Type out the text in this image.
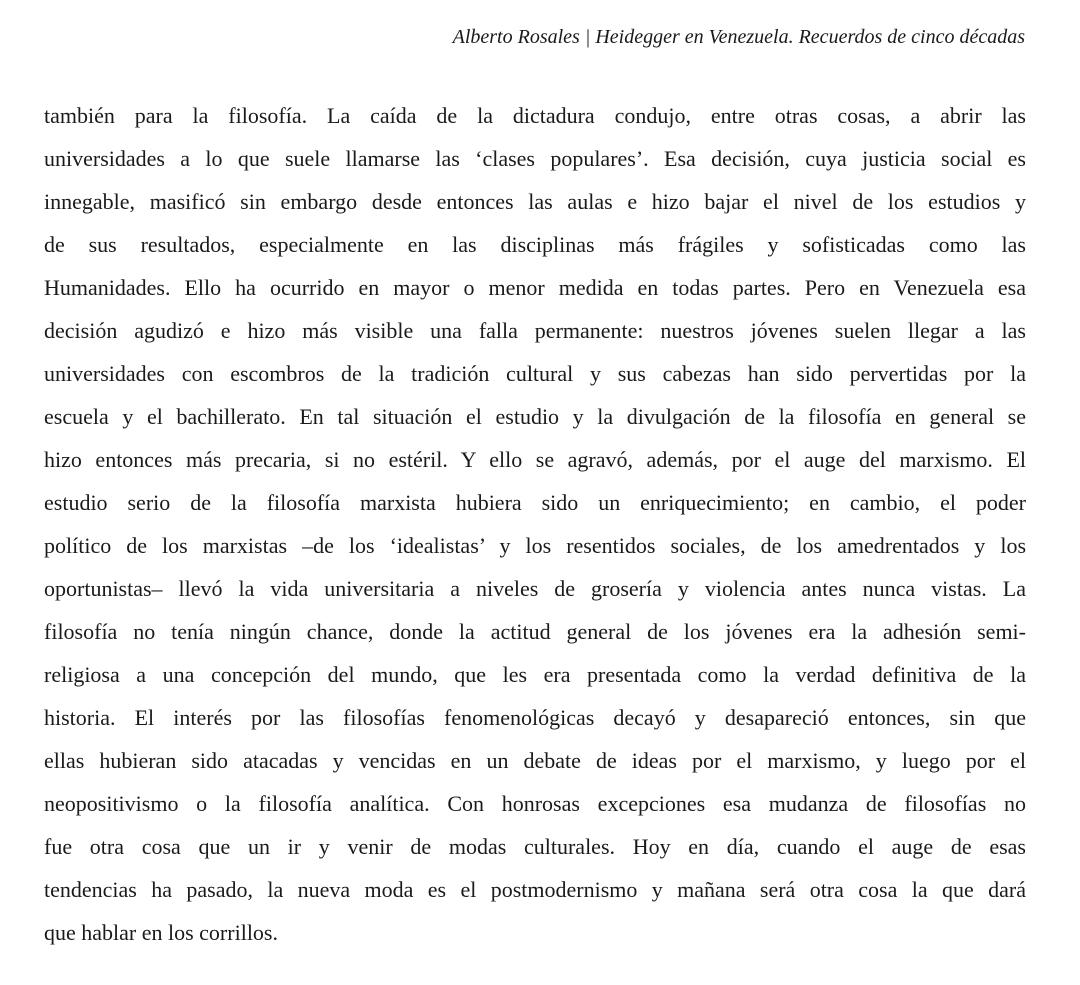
Alberto Rosales | Heidegger en Venezuela. Recuerdos de cinco décadas
también para la filosofía. La caída de la dictadura condujo, entre otras cosas, a abrir las
universidades a lo que suele llamarse las ‘clases populares’. Esa decisión, cuya justicia social es
innegable, masificó sin embargo desde entonces las aulas e hizo bajar el nivel de los estudios y
de sus resultados, especialmente en las disciplinas más frágiles y sofisticadas como las
Humanidades. Ello ha ocurrido en mayor o menor medida en todas partes. Pero en Venezuela esa
decisión agudizó e hizo más visible una falla permanente: nuestros jóvenes suelen llegar a las
universidades con escombros de la tradición cultural y sus cabezas han sido pervertidas por la
escuela y el bachillerato. En tal situación el estudio y la divulgación de la filosofía en general se
hizo entonces más precaria, si no estéril. Y ello se agravó, además, por el auge del marxismo. El
estudio serio de la filosofía marxista hubiera sido un enriquecimiento; en cambio, el poder
político de los marxistas –de los ‘idealistas’ y los resentidos sociales, de los amedrentados y los
oportunistas– llevó la vida universitaria a niveles de grosería y violencia antes nunca vistas. La
filosofía no tenía ningún chance, donde la actitud general de los jóvenes era la adhesión semi-
religiosa a una concepción del mundo, que les era presentada como la verdad definitiva de la
historia. El interés por las filosofías fenomenológicas decayó y desapareció entonces, sin que
ellas hubieran sido atacadas y vencidas en un debate de ideas por el marxismo, y luego por el
neopositivismo o la filosofía analítica. Con honrosas excepciones esa mudanza de filosofías no
fue otra cosa que un ir y venir de modas culturales. Hoy en día, cuando el auge de esas
tendencias ha pasado, la nueva moda es el postmodernismo y mañana será otra cosa la que dará
que hablar en los corrillos.
